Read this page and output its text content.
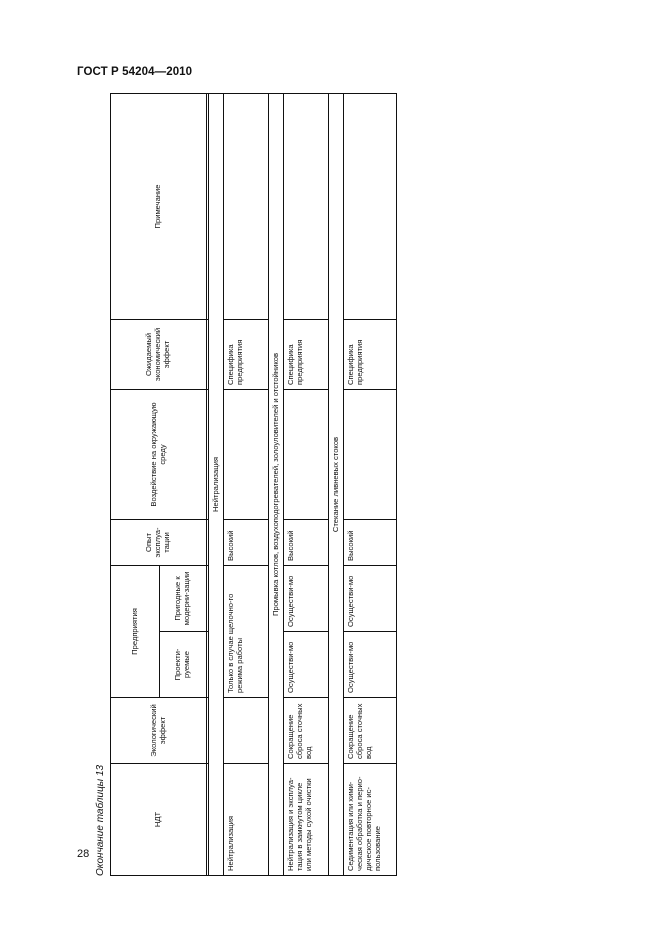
ГОСТ Р 54204—2010
Окончание таблицы 13	НДТ	Экологический эффект	Предприятия		Опыт эксплуа-тации	Воздействие на окружающую среду	Ожидаемый экономический эффект	Примечание
		Проекти-руемые	Пригодные к модерни-зации				

Нейтрализация							
Нейтрализация		Только в случае щелочно-го режима работы		Высокий		Специфика предприятия	
Промывка котлов, воздухоподогревателей, золоуловителей и отстойников							
Нейтрализация и эксплуа-тация в замкнутом цикле или методы сухой очистки	Сокращение сброса сточных вод	Осуществи-мо	Осуществи-мо	Высокий		Специфика предприятия	
Стекание ливневых стоков							
Седиментация или хими-ческая обработка и перио-дическое повторное ис-пользование	Сокращение сброса сточных вод	Осуществи-мо	Осуществи-мо	Высокий		Специфика предприятия	
28
